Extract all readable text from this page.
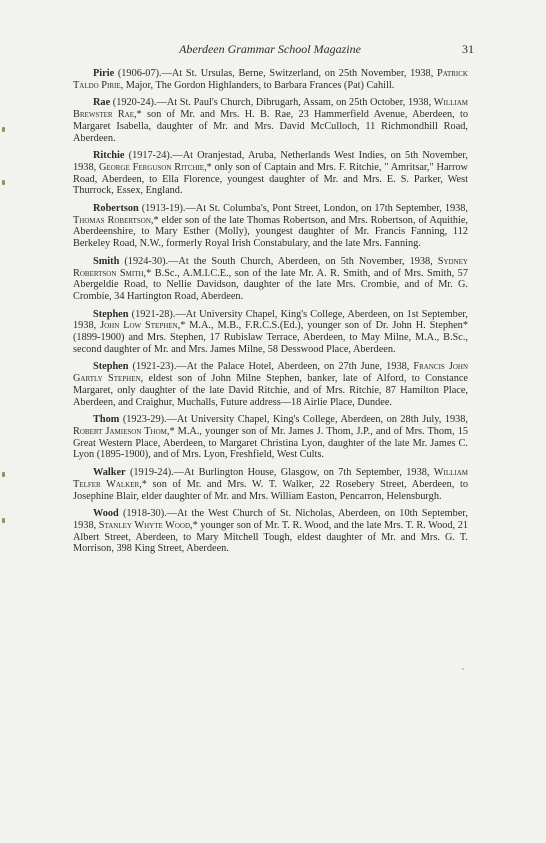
Aberdeen Grammar School Magazine	31

Pirie (1906-07).—At St. Ursulas, Berne, Switzerland, on 25th November, 1938, Patrick Taldo Pirie, Major, The Gordon Highlanders, to Barbara Frances (Pat) Cahill.

Rae (1920-24).—At St. Paul's Church, Dibrugarh, Assam, on 25th October, 1938, William Brewster Rae,* son of Mr. and Mrs. H. B. Rae, 23 Hammerfield Avenue, Aberdeen, to Margaret Isabella, daughter of Mr. and Mrs. David McCulloch, 11 Richmondhill Road, Aberdeen.

Ritchie (1917-24).—At Oranjestad, Aruba, Netherlands West Indies, on 5th November, 1938, George Ferguson Ritchie,* only son of Captain and Mrs. F. Ritchie, " Amritsar," Harrow Road, Aberdeen, to Ella Florence, youngest daughter of Mr. and Mrs. E. S. Parker, West Thurrock, Essex, England.

Robertson (1913-19).—At St. Columba's, Pont Street, London, on 17th September, 1938, Thomas Robertson,* elder son of the late Thomas Robertson, and Mrs. Robertson, of Aquithie, Aberdeenshire, to Mary Esther (Molly), youngest daughter of Mr. Francis Fanning, 112 Berkeley Road, N.W., formerly Royal Irish Constabulary, and the late Mrs. Fanning.

Smith (1924-30).—At the South Church, Aberdeen, on 5th November, 1938, Sydney Robertson Smith,* B.Sc., A.M.I.C.E., son of the late Mr. A. R. Smith, and of Mrs. Smith, 57 Abergeldie Road, to Nellie Davidson, daughter of the late Mrs. Crombie, and of Mr. G. Crombie, 34 Hartington Road, Aberdeen.

Stephen (1921-28).—At University Chapel, King's College, Aberdeen, on 1st September, 1938, John Low Stephen,* M.A., M.B., F.R.C.S.(Ed.), younger son of Dr. John H. Stephen* (1899-1900) and Mrs. Stephen, 17 Rubislaw Terrace, Aberdeen, to May Milne, M.A., B.Sc., second daughter of Mr. and Mrs. James Milne, 58 Desswood Place, Aberdeen.

Stephen (1921-23).—At the Palace Hotel, Aberdeen, on 27th June, 1938, Francis John Gartly Stephen, eldest son of John Milne Stephen, banker, late of Alford, to Constance Margaret, only daughter of the late David Ritchie, and of Mrs. Ritchie, 87 Hamilton Place, Aberdeen, and Craighur, Muchalls, Future address—18 Airlie Place, Dundee.

Thom (1923-29).—At University Chapel, King's College, Aberdeen, on 28th July, 1938, Robert Jamieson Thom,* M.A., younger son of Mr. James J. Thom, J.P., and of Mrs. Thom, 15 Great Western Place, Aberdeen, to Margaret Christina Lyon, daughter of the late Mr. James C. Lyon (1895-1900), and of Mrs. Lyon, Freshfield, West Cults.

Walker (1919-24).—At Burlington House, Glasgow, on 7th September, 1938, William Telfer Walker,* son of Mr. and Mrs. W. T. Walker, 22 Rosebery Street, Aberdeen, to Josephine Blair, elder daughter of Mr. and Mrs. William Easton, Pencarron, Helensburgh.

Wood (1918-30).—At the West Church of St. Nicholas, Aberdeen, on 10th September, 1938, Stanley Whyte Wood,* younger son of Mr. T. R. Wood, and the late Mrs. T. R. Wood, 21 Albert Street, Aberdeen, to Mary Mitchell Tough, eldest daughter of Mr. and Mrs. G. T. Morrison, 398 King Street, Aberdeen.
